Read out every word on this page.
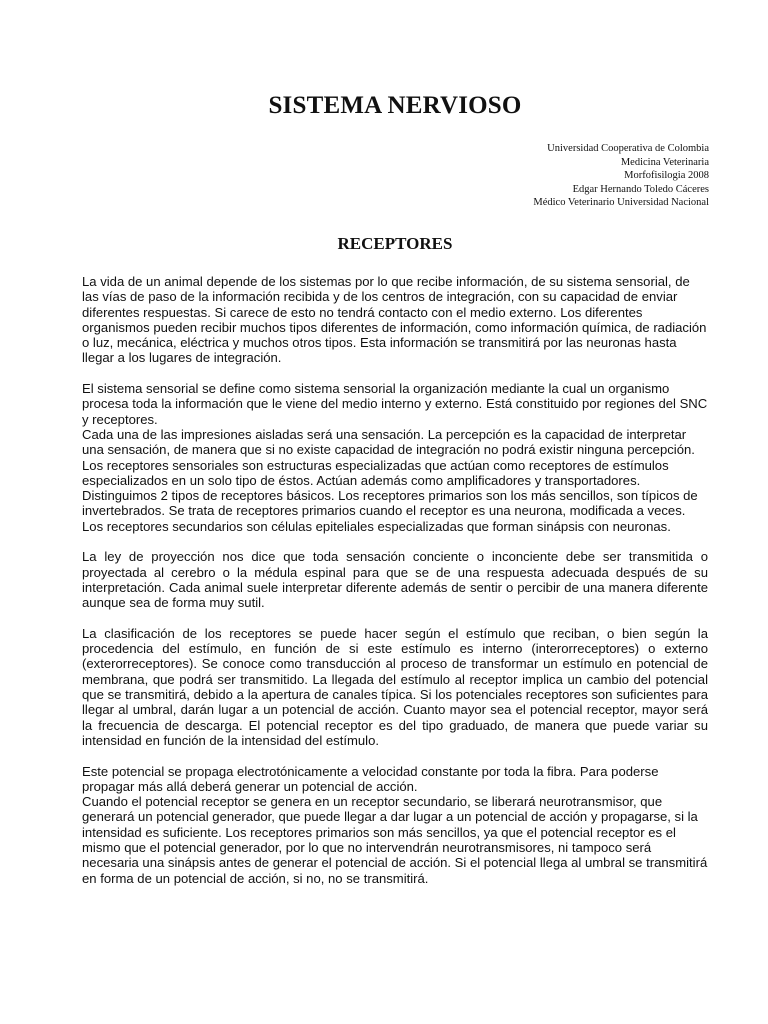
SISTEMA NERVIOSO
Universidad Cooperativa de Colombia
Medicina Veterinaria
Morfofisilogia 2008
Edgar Hernando Toledo Cáceres
Médico Veterinario Universidad Nacional
RECEPTORES

La vida de un animal depende de los sistemas por lo que recibe información, de su sistema sensorial, de las vías de paso de la información recibida y de los centros de integración, con su capacidad de enviar diferentes respuestas. Si carece de esto no tendrá contacto con el medio externo. Los diferentes organismos pueden recibir muchos tipos diferentes de información, como información química, de radiación o luz, mecánica, eléctrica y muchos otros tipos. Esta información se transmitirá por las neuronas hasta llegar a los lugares de integración.

El sistema sensorial se define como sistema sensorial la organización mediante la cual un organismo procesa toda la información que le viene del medio interno y externo. Está constituido por regiones del SNC y receptores.

Cada una de las impresiones aisladas será una sensación. La percepción es la capacidad de interpretar una sensación, de manera que si no existe capacidad de integración no podrá existir ninguna percepción. Los receptores sensoriales son estructuras especializadas que actúan como receptores de estímulos especializados en un solo tipo de éstos. Actúan además como amplificadores y transportadores. Distinguimos 2 tipos de receptores básicos. Los receptores primarios son los más sencillos, son típicos de invertebrados. Se trata de receptores primarios cuando el receptor es una neurona, modificada a veces. Los receptores secundarios son células epiteliales especializadas que forman sinápsis con neuronas.

La ley de proyección nos dice que toda sensación conciente o inconciente debe ser transmitida o proyectada al cerebro o la médula espinal para que se de una respuesta adecuada después de su interpretación. Cada animal suele interpretar diferente además de sentir o percibir de una manera diferente aunque sea de forma muy sutil.

La clasificación de los receptores se puede hacer según el estímulo que reciban, o bien según la procedencia del estímulo, en función de si este estímulo es interno (interorreceptores) o externo (exterorreceptores). Se conoce como transducción al proceso de transformar un estímulo en potencial de membrana, que podrá ser transmitido. La llegada del estímulo al receptor implica un cambio del potencial que se transmitirá, debido a la apertura de canales típica. Si los potenciales receptores son suficientes para llegar al umbral, darán lugar a un potencial de acción. Cuanto mayor sea el potencial receptor, mayor será la frecuencia de descarga. El potencial receptor es del tipo graduado, de manera que puede variar su intensidad en función de la intensidad del estímulo.

Este potencial se propaga electrotónicamente a velocidad constante por toda la fibra. Para poderse propagar más allá deberá generar un potencial de acción.

Cuando el potencial receptor se genera en un receptor secundario, se liberará neurotransmisor, que generará un potencial generador, que puede llegar a dar lugar a un potencial de acción y propagarse, si la intensidad es suficiente. Los receptores primarios son más sencillos, ya que el potencial receptor es el mismo que el potencial generador, por lo que no intervendrán neurotransmisores, ni tampoco será necesaria una sinápsis antes de generar el potencial de acción. Si el potencial llega al umbral se transmitirá en forma de un potencial de acción, si no, no se transmitirá.
